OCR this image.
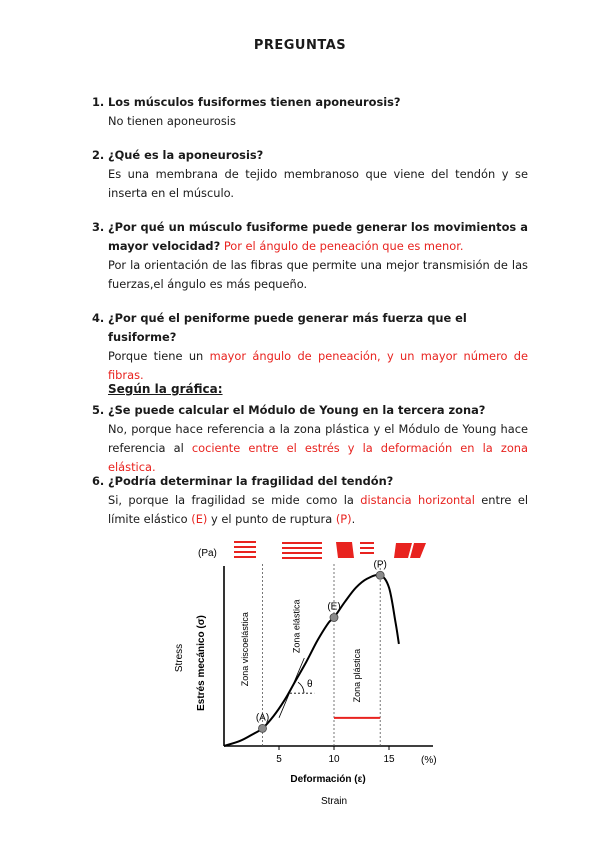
PREGUNTAS
1. Los músculos fusiformes tienen aponeurosis?

No tienen aponeurosis

2. ¿Qué es la aponeurosis?

Es una membrana de tejido membranoso que viene del tendón y se inserta en el músculo.

3. ¿Por qué un músculo fusiforme puede generar los movimientos a mayor velocidad? Por el ángulo de peneación que es menor.

Por la orientación de las fibras que permite una mejor transmisión de las fuerzas,el ángulo es más pequeño.

4. ¿Por qué el peniforme puede generar más fuerza que el fusiforme?

Porque tiene un mayor ángulo de peneación, y un mayor número de fibras.

Según la gráfica:
5. ¿Se puede calcular el Módulo de Young en la tercera zona?

No, porque hace referencia a la zona plástica y el Módulo de Young hace referencia al cociente entre el estrés y la deformación en la zona elástica.

6. ¿Podría determinar la fragilidad del tendón?

Si, porque la fragilidad se mide como la distancia horizontal entre el límite elástico (E) y el punto de ruptura (P).

(Pa)
(%)
Stress Estrés mecánico (σ)
Deformación (ε)
Strain
5	10	15
Zona viscoelástica	Zona elástica
Zona plástica
θ
(A)
(E)
(P)
